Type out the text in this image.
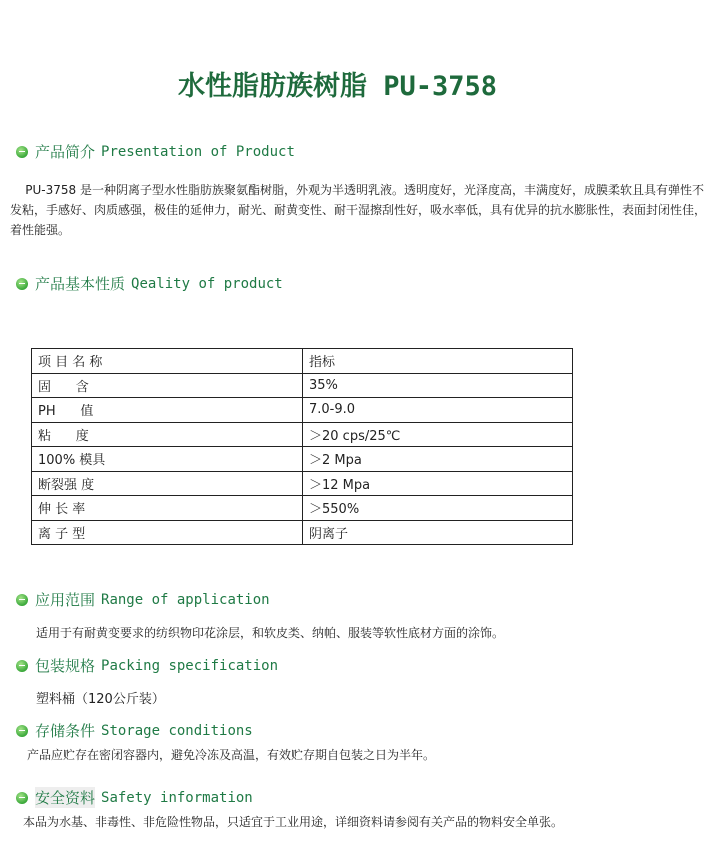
水性脂肪族树脂 PU-3758
产品简介 Presentation of Product
PU-3758 是一种阴离子型水性脂肪族聚氨酯树脂，外观为半透明乳液。透明度好，光泽度高，丰满度好，成膜柔软且具有弹性不
发粘，手感好、肉质感强，极佳的延伸力，耐光、耐黄变性、耐干湿擦刮性好，吸水率低，具有优异的抗水膨胀性，表面封闭性佳，
着性能强。
产品基本性质 Qeality of product
项 目 名 称	指标
固      含	35%
PH      值	7.0-9.0
粘      度	＞20 cps/25℃
100% 模具	＞2 Mpa
断裂强 度	＞12 Mpa
伸 长 率	＞550%
离 子 型	阴离子
应用范围 Range of application
适用于有耐黄变要求的纺织物印花涂层，和软皮类、纳帕、服装等软性底材方面的涂饰。
包装规格 Packing specification
塑料桶（120公斤装）
存储条件 Storage conditions
产品应贮存在密闭容器内，避免冷冻及高温，有效贮存期自包装之日为半年。
安全资料 Safety information
本品为水基、非毒性、非危险性物品，只适宜于工业用途，详细资料请参阅有关产品的物料安全单张。
